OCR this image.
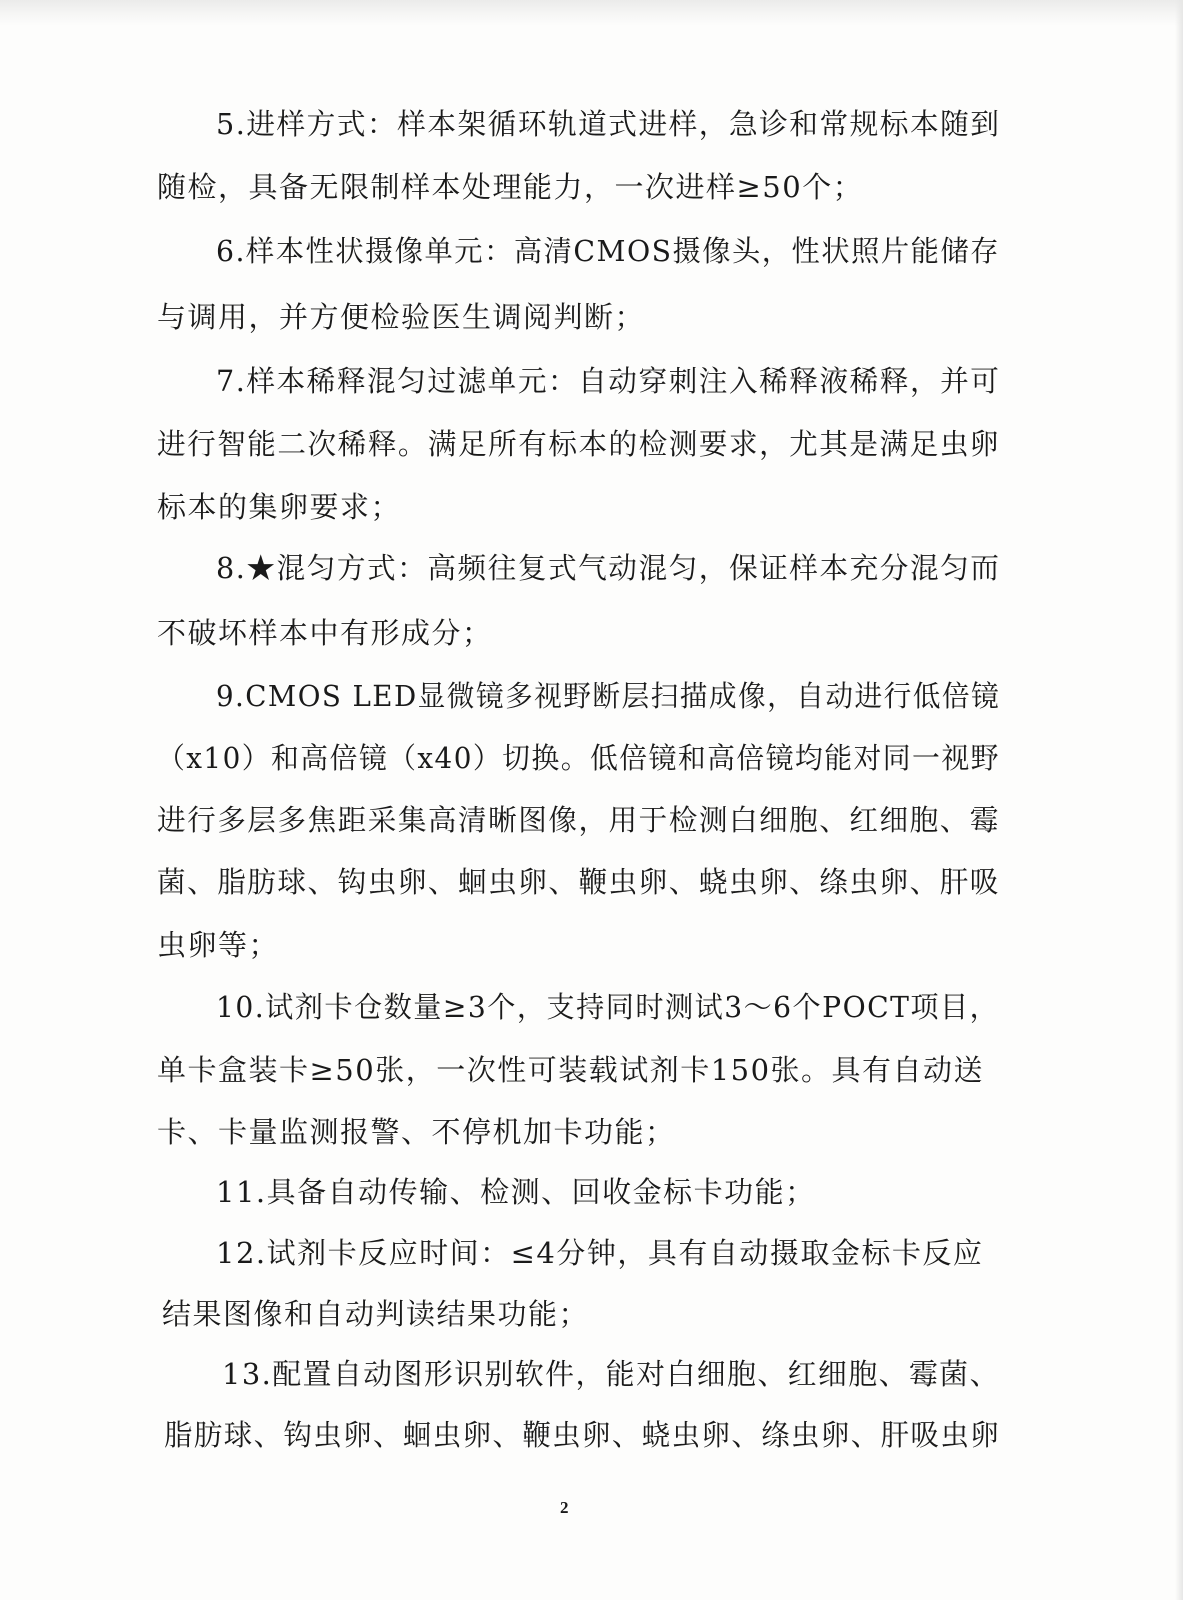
5.进样方式：样本架循环轨道式进样，急诊和常规标本随到

随检，具备无限制样本处理能力，一次进样≥50个；

6.样本性状摄像单元：高清CMOS摄像头，性状照片能储存

与调用，并方便检验医生调阅判断；

7.样本稀释混匀过滤单元：自动穿刺注入稀释液稀释，并可

进行智能二次稀释。满足所有标本的检测要求，尤其是满足虫卵

标本的集卵要求；

8.★混匀方式：高频往复式气动混匀，保证样本充分混匀而

不破坏样本中有形成分；

9.CMOS LED显微镜多视野断层扫描成像，自动进行低倍镜

（x10）和高倍镜（x40）切换。低倍镜和高倍镜均能对同一视野

进行多层多焦距采集高清晰图像，用于检测白细胞、红细胞、霉

菌、脂肪球、钩虫卵、蛔虫卵、鞭虫卵、蛲虫卵、绦虫卵、肝吸

虫卵等；

10.试剂卡仓数量≥3个，支持同时测试3～6个POCT项目，

单卡盒装卡≥50张，一次性可装载试剂卡150张。具有自动送

卡、卡量监测报警、不停机加卡功能；

11.具备自动传输、检测、回收金标卡功能；

12.试剂卡反应时间：≤4分钟，具有自动摄取金标卡反应

结果图像和自动判读结果功能；

13.配置自动图形识别软件，能对白细胞、红细胞、霉菌、

脂肪球、钩虫卵、蛔虫卵、鞭虫卵、蛲虫卵、绦虫卵、肝吸虫卵

2
